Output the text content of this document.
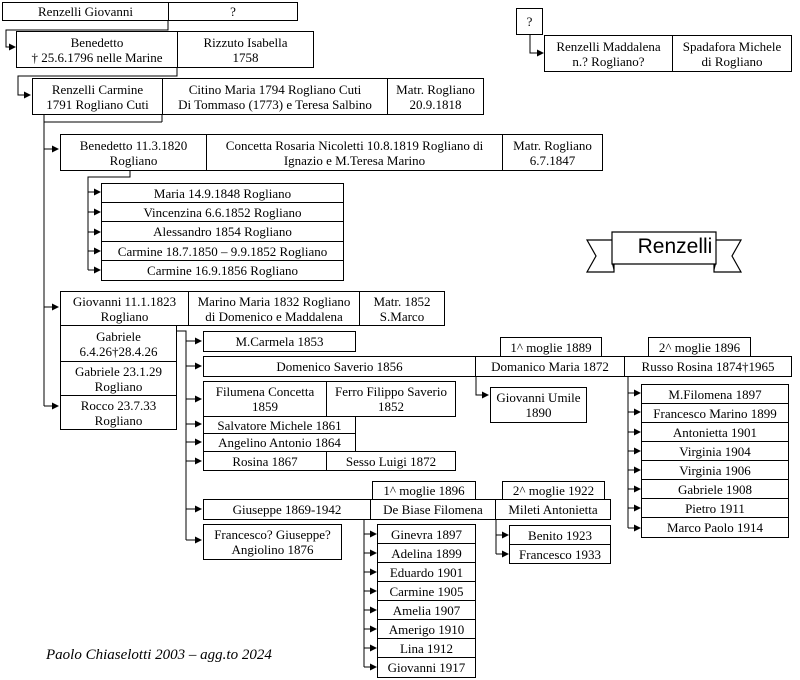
Renzelli Giovanni	?
Benedetto
† 25.6.1796 nelle Marine
Rizzuto Isabella
1758
Renzelli Carmine
1791 Rogliano Cuti
Citino Maria 1794 Rogliano Cuti
Di Tommaso (1773) e Teresa Salbino
Matr. Rogliano
20.9.1818
?
Renzelli Maddalena
n.? Rogliano?
Spadafora Michele
di Rogliano
Benedetto 11.3.1820
Rogliano
Concetta Rosaria Nicoletti 10.8.1819 Rogliano di
Ignazio e M.Teresa Marino
Matr. Rogliano
6.7.1847
Maria 14.9.1848 Rogliano
Vincenzina 6.6.1852 Rogliano
Alessandro 1854 Rogliano
Carmine 18.7.1850 – 9.9.1852 Rogliano
Carmine 16.9.1856 Rogliano
Giovanni 11.1.1823
Rogliano
Marino Maria 1832 Rogliano
di Domenico e Maddalena
Matr. 1852
S.Marco
Gabriele
6.4.26†28.4.26
Gabriele 23.1.29
Rogliano
Rocco 23.7.33
Rogliano
M.Carmela 1853
Domenico Saverio 1856
Filumena Concetta
1859
Ferro Filippo Saverio
1852
Salvatore Michele 1861
Angelino Antonio 1864
Rosina 1867	Sesso Luigi 1872
Giuseppe 1869-1942
Francesco? Giuseppe?
Angiolino 1876
1^ moglie 1889
Domanico Maria 1872
2^ moglie 1896
Russo Rosina 1874†1965
Giovanni Umile
1890
M.Filomena 1897
Francesco Marino 1899
Antonietta 1901
Virginia 1904
Virginia 1906
Gabriele 1908
Pietro 1911
Marco Paolo 1914
1^ moglie 1896
De Biase Filomena
2^ moglie 1922
Mileti Antonietta
Ginevra 1897
Adelina 1899
Eduardo 1901
Carmine 1905
Amelia 1907
Amerigo 1910
Lina 1912
Giovanni 1917
Benito 1923
Francesco 1933
Renzelli
Paolo Chiaselotti 2003 – agg.to 2024
